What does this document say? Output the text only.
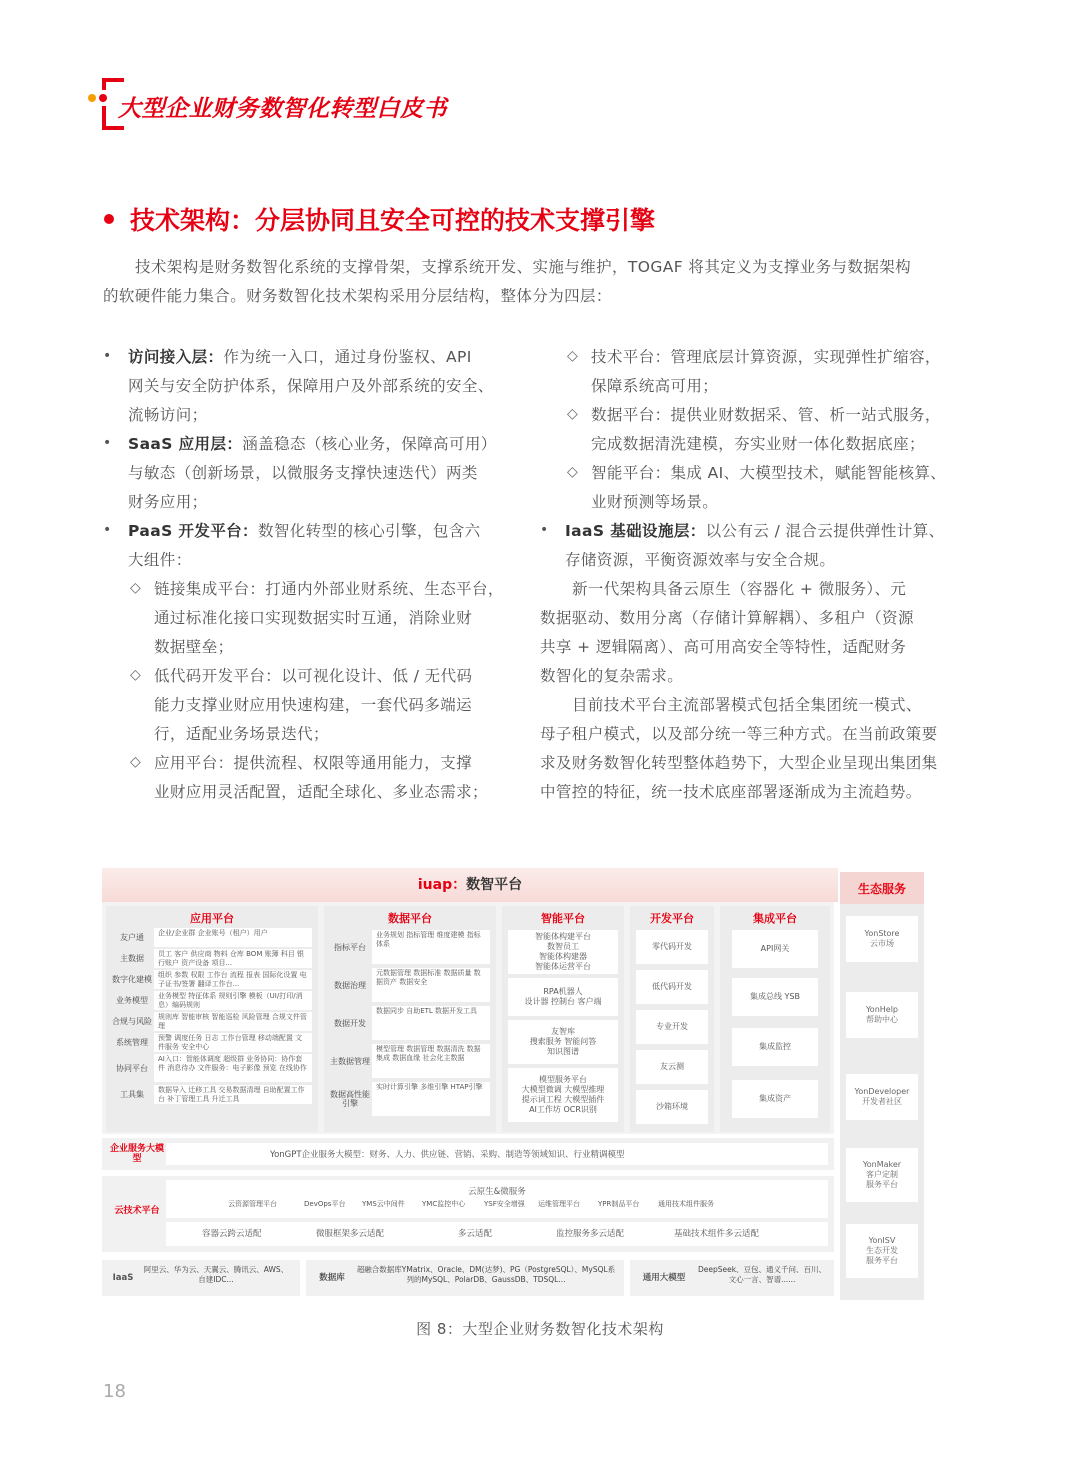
大型企业财务数智化转型白皮书
技术架构：分层协同且安全可控的技术支撑引擎
技术架构是财务数智化系统的支撑骨架，支撑系统开发、实施与维护，TOGAF 将其定义为支撑业务与数据架构
的软硬件能力集合。财务数智化技术架构采用分层结构，整体分为四层：
• 访问接入层：作为统一入口，通过身份鉴权、API
网关与安全防护体系，保障用户及外部系统的安全、
流畅访问；
• SaaS 应用层：涵盖稳态（核心业务，保障高可用）
与敏态（创新场景，以微服务支撑快速迭代）两类
财务应用；
• PaaS 开发平台：数智化转型的核心引擎，包含六
大组件：
◇ 链接集成平台：打通内外部业财系统、生态平台，
通过标准化接口实现数据实时互通，消除业财
数据壁垒；
◇ 低代码开发平台：以可视化设计、低 / 无代码
能力支撑业财应用快速构建，一套代码多端运
行，适配业务场景迭代；
◇ 应用平台：提供流程、权限等通用能力，支撑
业财应用灵活配置，适配全球化、多业态需求；
◇ 技术平台：管理底层计算资源，实现弹性扩缩容，
保障系统高可用；
◇ 数据平台：提供业财数据采、管、析一站式服务，
完成数据清洗建模，夯实业财一体化数据底座；
◇ 智能平台：集成 AI、大模型技术，赋能智能核算、
业财预测等场景。
• IaaS 基础设施层：以公有云 / 混合云提供弹性计算、
存储资源，平衡资源效率与安全合规。
新一代架构具备云原生（容器化 + 微服务）、元
数据驱动、数用分离（存储计算解耦）、多租户（资源
共享 + 逻辑隔离）、高可用高安全等特性，适配财务
数智化的复杂需求。
目前技术平台主流部署模式包括全集团统一模式、
母子租户模式，以及部分统一等三种方式。在当前政策要
求及财务数智化转型整体趋势下，大型企业呈现出集团集
中管控的特征，统一技术底座部署逐渐成为主流趋势。
iuap：数智平台
应用平台
友户通	企业/企业群 企业账号（租户）用户
主数据	员工 客户 供应商 物料 仓库 BOM 账簿 科目 银行账户 资产设备 项目...
数字化建模 组织 参数 权限 工作台 流程 报表 国际化设置 电子证书/签署 翻译工作台...
业务模型	业务模型 特征体系 规则引擎 模板（UI/打印/消息）编码规则
合规与风险 规则库 智能审核 智能巡检 风险管理 合规文件管理
系统管理	预警 调度任务 日志 工作台管理 移动端配置 文件服务 安全中心
协同平台
AI入口：智能体调度 超级群 业务协同：协作套件 消息待办 文件服务：电子影像 预览 在线协作
工具集	数据导入 迁移工具 交易数据清理 自助配置工作台 补丁管理工具 升迁工具
数据平台
指标平台
业务规划 指标管理 维度建模 指标体系
数据治理
元数据管理 数据标准 数据质量 数据资产 数据安全
数据开发
数据同步 自助ETL 数据开发工具
主数据管理
模型管理 数据管理 数据清洗 数据集成 数据血缘 社会化主数据
数据高性能引擎
实时计算引擎 多维引擎 HTAP引擎
智能平台
智能体构建平台
数智员工
智能体构建器
智能体运营平台
RPA机器人
设计器 控制台 客户端
友智库
搜索服务 智能问答
知识图谱
模型服务平台
大模型微调 大模型推理
提示词工程 大模型插件
AI工作坊 OCR识别
开发平台
零代码开发
低代码开发
专业开发
友云测
沙箱环境
集成平台
API网关
集成总线 YSB
集成监控
集成资产
企业服务大模型	YonGPT企业服务大模型：财务、人力、供应链、营销、采购、制造等领域知识、行业精调模型
云技术平台
云原生&微服务
云资源管理平台	DevOps平台 YMS云中间件 YMC监控中心	YSF安全增强 运维管理平台	YPR制品平台	通用技术组件服务
容器云跨云适配	微服框架多云适配	多云适配	监控服务多云适配	基础技术组件多云适配
IaaS
阿里云、华为云、天翼云、腾讯云、AWS、自建IDC...	数据库
超融合数据库YMatrix、Oracle、DM(达梦)、PG（PostgreSQL）、MySQL系列的MySQL、PolarDB、GaussDB、TDSQL...	通用大模型
DeepSeek、豆包、通义千问、百川、文心一言、智谱......
生态服务
YonStore
云市场
YonHelp
帮助中心
YonDeveloper
开发者社区
YonMaker
客户定制
服务平台
YonISV
生态开发
服务平台
图 8：大型企业财务数智化技术架构
18
